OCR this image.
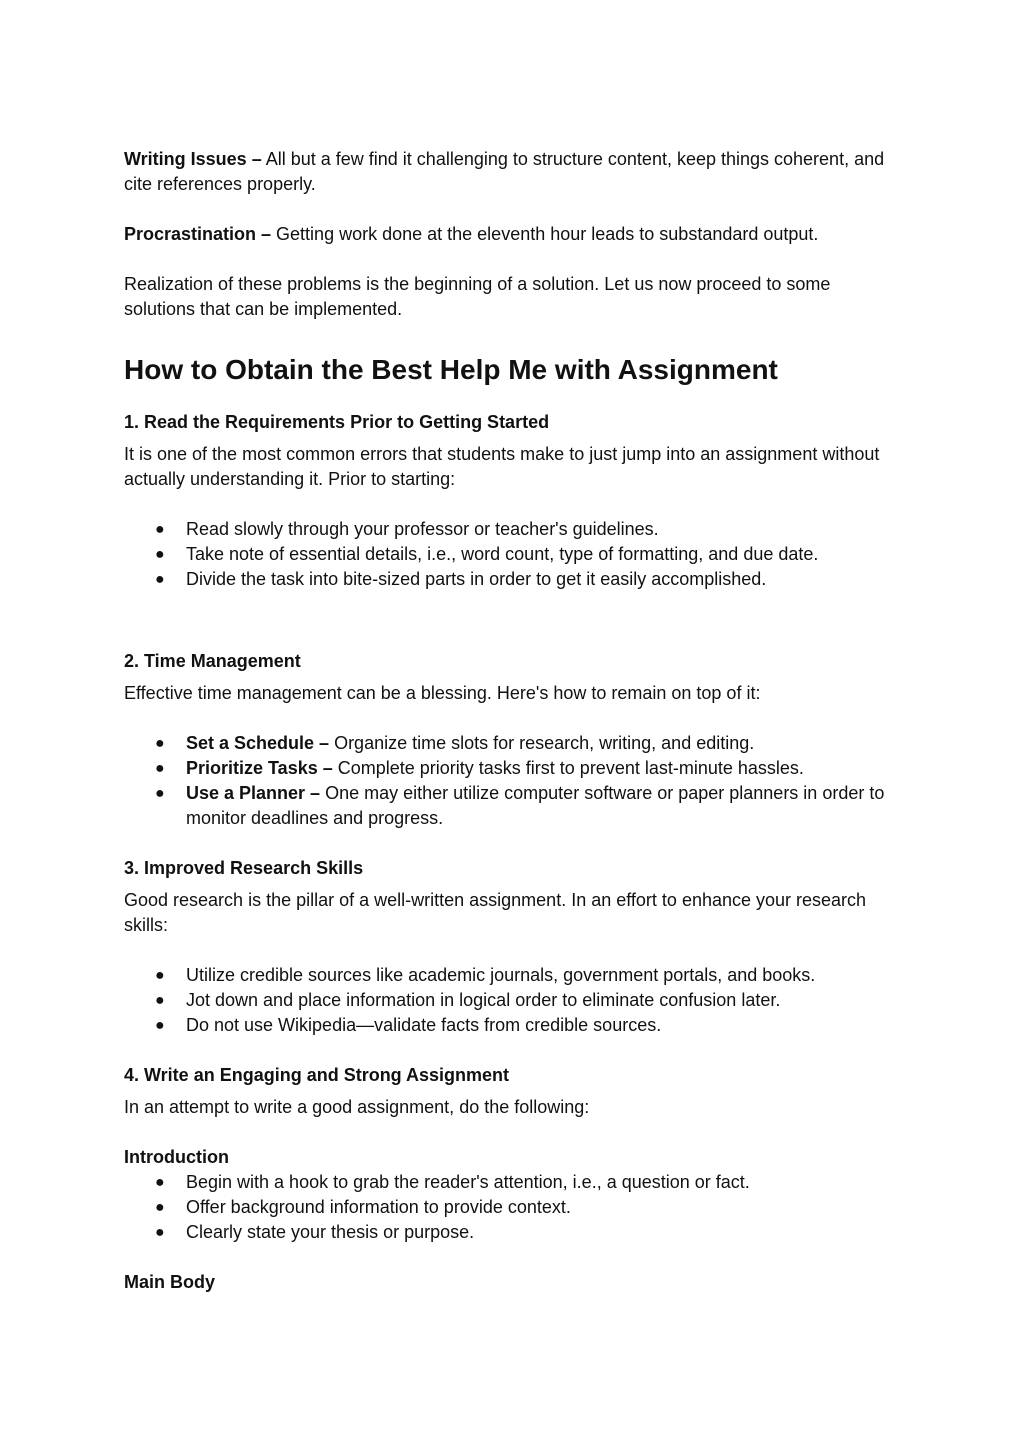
Writing Issues – All but a few find it challenging to structure content, keep things coherent, and cite references properly.

Procrastination – Getting work done at the eleventh hour leads to substandard output.

Realization of these problems is the beginning of a solution. Let us now proceed to some solutions that can be implemented.

How to Obtain the Best Help Me with Assignment
1. Read the Requirements Prior to Getting Started

It is one of the most common errors that students make to just jump into an assignment without actually understanding it. Prior to starting:

● Read slowly through your professor or teacher's guidelines.
● Take note of essential details, i.e., word count, type of formatting, and due date.
● Divide the task into bite-sized parts in order to get it easily accomplished.
2. Time Management

Effective time management can be a blessing. Here's how to remain on top of it:

● Set a Schedule – Organize time slots for research, writing, and editing.
● Prioritize Tasks – Complete priority tasks first to prevent last-minute hassles.
● Use a Planner – One may either utilize computer software or paper planners in order to monitor deadlines and progress.
3. Improved Research Skills

Good research is the pillar of a well-written assignment. In an effort to enhance your research skills:

● Utilize credible sources like academic journals, government portals, and books.
● Jot down and place information in logical order to eliminate confusion later.
● Do not use Wikipedia—validate facts from credible sources.
4. Write an Engaging and Strong Assignment

In an attempt to write a good assignment, do the following:

Introduction

● Begin with a hook to grab the reader's attention, i.e., a question or fact.
● Offer background information to provide context.
● Clearly state your thesis or purpose.

Main Body
